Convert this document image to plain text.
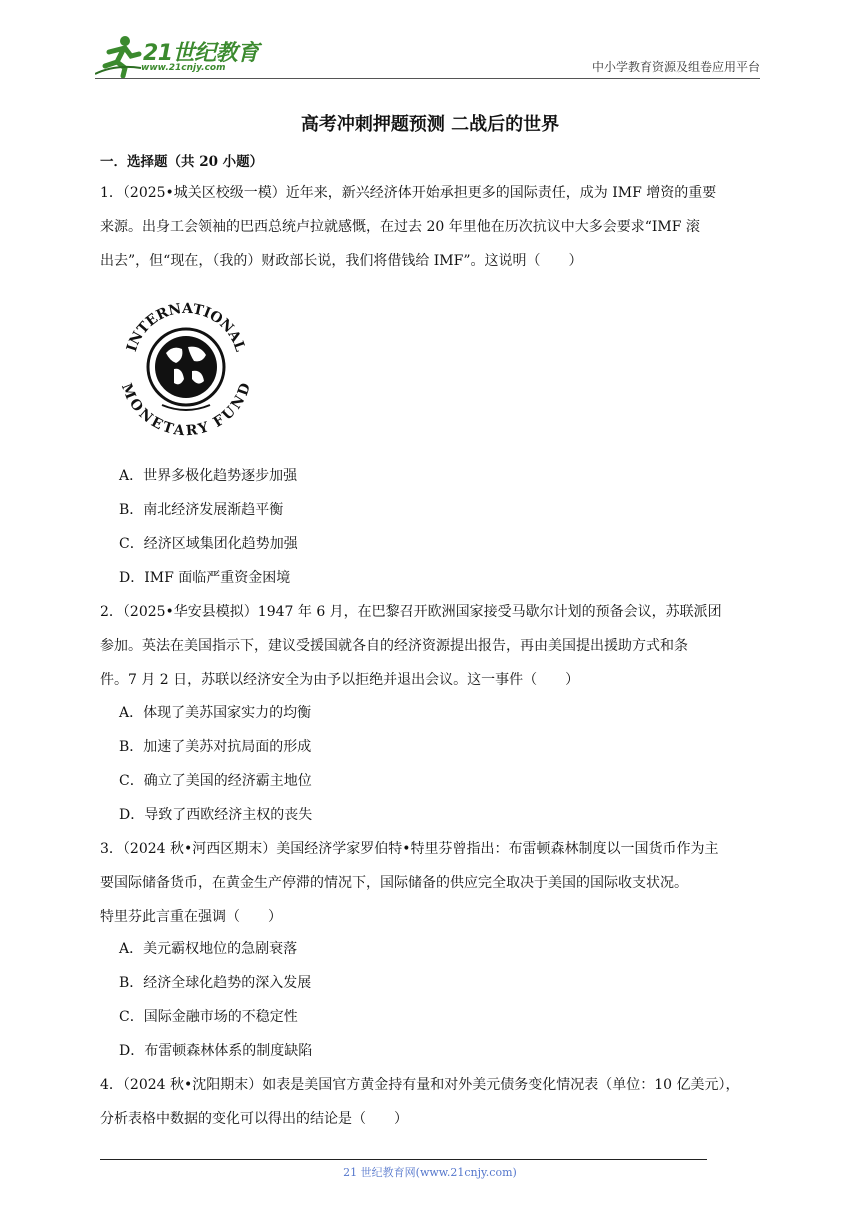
21世纪教育
www.21cnjy.com	中小学教育资源及组卷应用平台
高考冲刺押题预测 二战后的世界
一．选择题（共 20 小题）
1．（2025•城关区校级一模）近年来，新兴经济体开始承担更多的国际责任，成为 IMF 增资的重要
来源。出身工会领袖的巴西总统卢拉就感慨，在过去 20 年里他在历次抗议中大多会要求“IMF 滚
出去”，但“现在，（我的）财政部长说，我们将借钱给 IMF”。这说明（　　）
INTERNATIONAL
MONETARY FUND
A．世界多极化趋势逐步加强
B．南北经济发展渐趋平衡
C．经济区域集团化趋势加强
D．IMF 面临严重资金困境
2．（2025•华安县模拟）1947 年 6 月，在巴黎召开欧洲国家接受马歇尔计划的预备会议，苏联派团
参加。英法在美国指示下，建议受援国就各自的经济资源提出报告，再由美国提出援助方式和条
件。7 月 2 日，苏联以经济安全为由予以拒绝并退出会议。这一事件（　　）
A．体现了美苏国家实力的均衡
B．加速了美苏对抗局面的形成
C．确立了美国的经济霸主地位
D．导致了西欧经济主权的丧失
3．（2024 秋•河西区期末）美国经济学家罗伯特•特里芬曾指出：布雷顿森林制度以一国货币作为主
要国际储备货币，在黄金生产停滞的情况下，国际储备的供应完全取决于美国的国际收支状况。
特里芬此言重在强调（　　）
A．美元霸权地位的急剧衰落
B．经济全球化趋势的深入发展
C．国际金融市场的不稳定性
D．布雷顿森林体系的制度缺陷
4．（2024 秋•沈阳期末）如表是美国官方黄金持有量和对外美元债务变化情况表（单位：10 亿美元），
分析表格中数据的变化可以得出的结论是（　　）
21 世纪教育网(www.21cnjy.com)
